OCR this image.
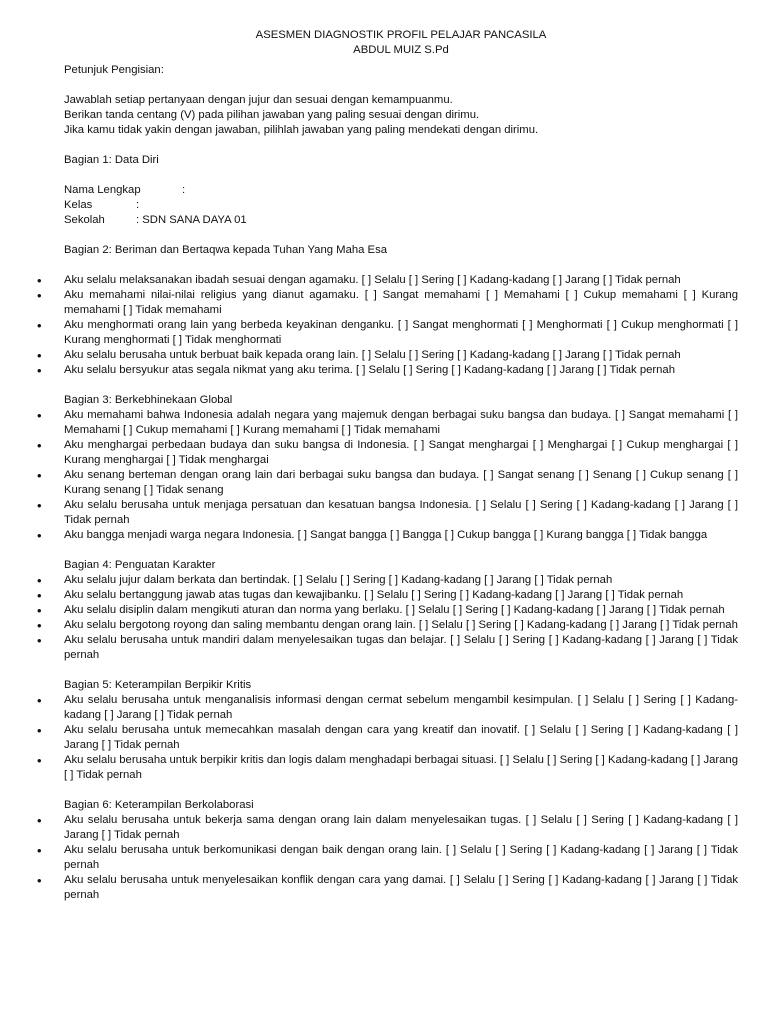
ASESMEN DIAGNOSTIK PROFIL PELAJAR PANCASILA

ABDUL MUIZ S.Pd

Petunjuk Pengisian:

Jawablah setiap pertanyaan dengan jujur dan sesuai dengan kemampuanmu.

Berikan tanda centang (V) pada pilihan jawaban yang paling sesuai dengan dirimu.

Jika kamu tidak yakin dengan jawaban, pilihlah jawaban yang paling mendekati dengan dirimu.

Bagian 1: Data Diri

Nama Lengkap	:
Kelas	:
Sekolah	: SDN SANA DAYA 01

Bagian 2: Beriman dan Bertaqwa kepada Tuhan Yang Maha Esa

• Aku selalu melaksanakan ibadah sesuai dengan agamaku. [ ] Selalu [ ] Sering [ ] Kadang-kadang [ ] Jarang [ ] Tidak pernah
• Aku memahami nilai-nilai religius yang dianut agamaku. [ ] Sangat memahami [ ] Memahami [ ] Cukup memahami [ ] Kurang memahami [ ] Tidak memahami
• Aku menghormati orang lain yang berbeda keyakinan denganku. [ ] Sangat menghormati [ ] Menghormati [ ] Cukup menghormati [ ] Kurang menghormati [ ] Tidak menghormati
• Aku selalu berusaha untuk berbuat baik kepada orang lain. [ ] Selalu [ ] Sering [ ] Kadang-kadang [ ] Jarang [ ] Tidak pernah
• Aku selalu bersyukur atas segala nikmat yang aku terima. [ ] Selalu [ ] Sering [ ] Kadang-kadang [ ] Jarang [ ] Tidak pernah

Bagian 3: Berkebhinekaan Global

• Aku memahami bahwa Indonesia adalah negara yang majemuk dengan berbagai suku bangsa dan budaya. [ ] Sangat memahami [ ] Memahami [ ] Cukup memahami [ ] Kurang memahami [ ] Tidak memahami
• Aku menghargai perbedaan budaya dan suku bangsa di Indonesia. [ ] Sangat menghargai [ ] Menghargai [ ] Cukup menghargai [ ] Kurang menghargai [ ] Tidak menghargai
• Aku senang berteman dengan orang lain dari berbagai suku bangsa dan budaya. [ ] Sangat senang [ ] Senang [ ] Cukup senang [ ] Kurang senang [ ] Tidak senang
• Aku selalu berusaha untuk menjaga persatuan dan kesatuan bangsa Indonesia. [ ] Selalu [ ] Sering [ ] Kadang-kadang [ ] Jarang [ ] Tidak pernah
• Aku bangga menjadi warga negara Indonesia. [ ] Sangat bangga [ ] Bangga [ ] Cukup bangga [ ] Kurang bangga [ ] Tidak bangga

Bagian 4: Penguatan Karakter

• Aku selalu jujur dalam berkata dan bertindak. [ ] Selalu [ ] Sering [ ] Kadang-kadang [ ] Jarang [ ] Tidak pernah
• Aku selalu bertanggung jawab atas tugas dan kewajibanku. [ ] Selalu [ ] Sering [ ] Kadang-kadang [ ] Jarang [ ] Tidak pernah
• Aku selalu disiplin dalam mengikuti aturan dan norma yang berlaku. [ ] Selalu [ ] Sering [ ] Kadang-kadang [ ] Jarang [ ] Tidak pernah
• Aku selalu bergotong royong dan saling membantu dengan orang lain. [ ] Selalu [ ] Sering [ ] Kadang-kadang [ ] Jarang [ ] Tidak pernah
• Aku selalu berusaha untuk mandiri dalam menyelesaikan tugas dan belajar. [ ] Selalu [ ] Sering [ ] Kadang-kadang [ ] Jarang [ ] Tidak pernah

Bagian 5: Keterampilan Berpikir Kritis

• Aku selalu berusaha untuk menganalisis informasi dengan cermat sebelum mengambil kesimpulan. [ ] Selalu [ ] Sering [ ] Kadang-kadang [ ] Jarang [ ] Tidak pernah
• Aku selalu berusaha untuk memecahkan masalah dengan cara yang kreatif dan inovatif. [ ] Selalu [ ] Sering [ ] Kadang-kadang [ ] Jarang [ ] Tidak pernah
• Aku selalu berusaha untuk berpikir kritis dan logis dalam menghadapi berbagai situasi. [ ] Selalu [ ] Sering [ ] Kadang-kadang [ ] Jarang [ ] Tidak pernah

Bagian 6: Keterampilan Berkolaborasi

• Aku selalu berusaha untuk bekerja sama dengan orang lain dalam menyelesaikan tugas. [ ] Selalu [ ] Sering [ ] Kadang-kadang [ ] Jarang [ ] Tidak pernah
• Aku selalu berusaha untuk berkomunikasi dengan baik dengan orang lain. [ ] Selalu [ ] Sering [ ] Kadang-kadang [ ] Jarang [ ] Tidak pernah
• Aku selalu berusaha untuk menyelesaikan konflik dengan cara yang damai. [ ] Selalu [ ] Sering [ ] Kadang-kadang [ ] Jarang [ ] Tidak pernah
